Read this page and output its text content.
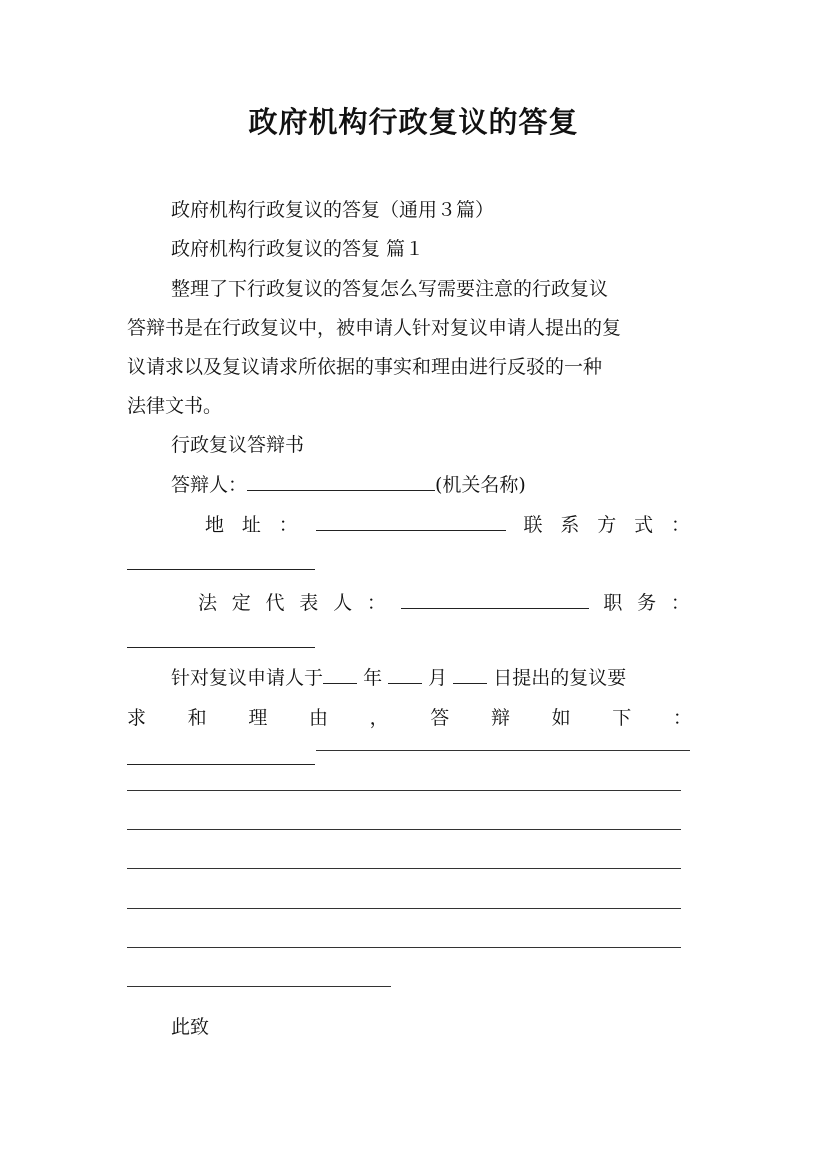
政府机构行政复议的答复
政府机构行政复议的答复（通用３篇）
政府机构行政复议的答复 篇１
整理了下行政复议的答复怎么写需要注意的行政复议
答辩书是在行政复议中，被申请人针对复议申请人提出的复
议请求以及复议请求所依据的事实和理由进行反驳的一种
法律文书。
行政复议答辩书
答辩人：	(机关名称)
地 址 ：	联 系 方 式 ：
法 定 代 表 人 ：	职 务 ：
针对复议申请人于 年 月 日提出的复议要
求 和 理 由 ， 答 辩 如 下 ：
此致
